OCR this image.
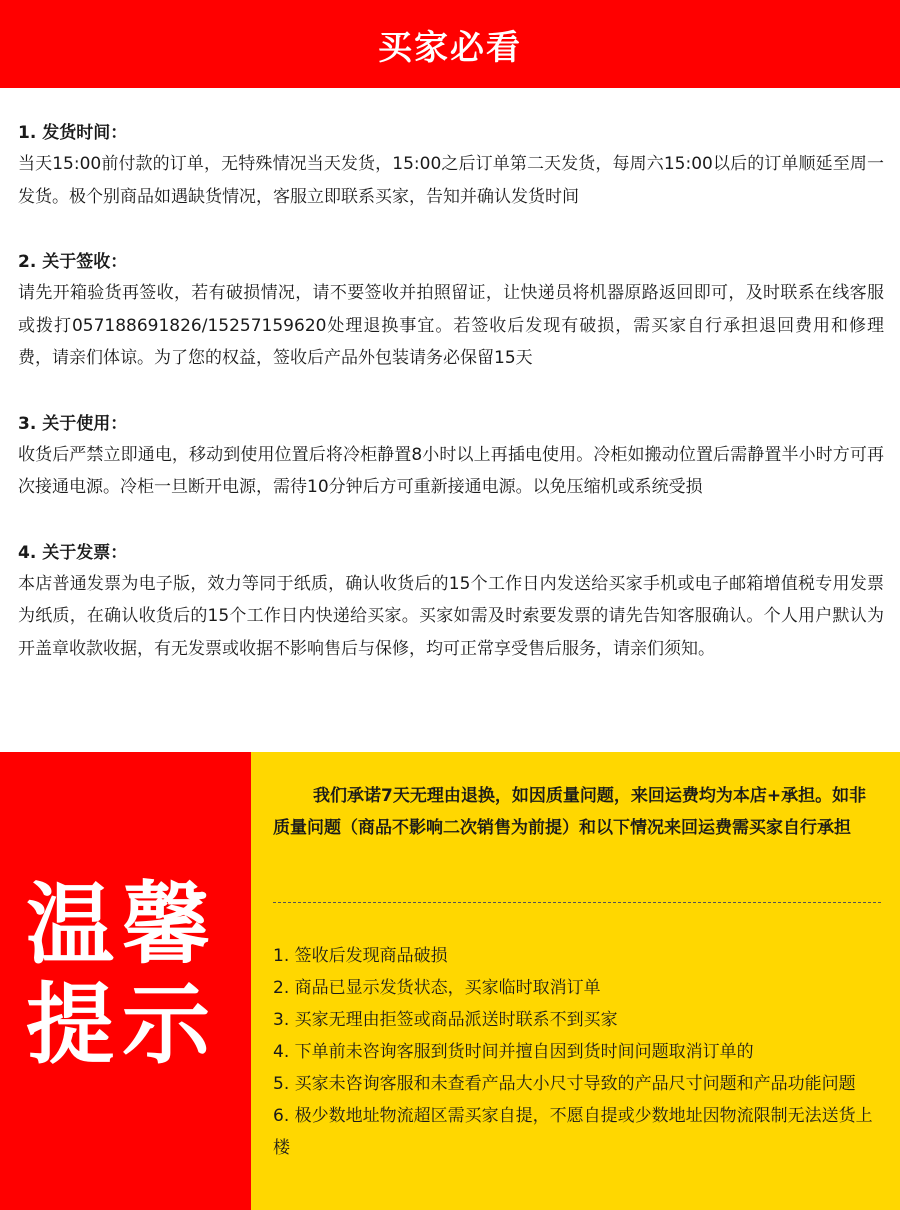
买家必看
1. 发货时间：
当天15:00前付款的订单，无特殊情况当天发货，15:00之后订单第二天发货，每周六15:00以后的订单顺延至周一发货。极个别商品如遇缺货情况，客服立即联系买家，告知并确认发货时间
2. 关于签收：
请先开箱验货再签收，若有破损情况，请不要签收并拍照留证，让快递员将机器原路返回即可，及时联系在线客服或拨打057188691826/15257159620处理退换事宜。若签收后发现有破损，需买家自行承担退回费用和修理费，请亲们体谅。为了您的权益，签收后产品外包装请务必保留15天
3. 关于使用：
收货后严禁立即通电，移动到使用位置后将冷柜静置8小时以上再插电使用。冷柜如搬动位置后需静置半小时方可再次接通电源。冷柜一旦断开电源，需待10分钟后方可重新接通电源。以免压缩机或系统受损
4. 关于发票：
本店普通发票为电子版，效力等同于纸质，确认收货后的15个工作日内发送给买家手机或电子邮箱增值税专用发票为纸质，在确认收货后的15个工作日内快递给买家。买家如需及时索要发票的请先告知客服确认。个人用户默认为开盖章收款收据，有无发票或收据不影响售后与保修，均可正常享受售后服务，请亲们须知。
温 馨
提 示
我们承诺7天无理由退换，如因质量问题，来回运费均为本店+承担。如非质量问题（商品不影响二次销售为前提）和以下情况来回运费需买家自行承担
1. 签收后发现商品破损
2. 商品已显示发货状态，买家临时取消订单
3. 买家无理由拒签或商品派送时联系不到买家
4. 下单前未咨询客服到货时间并擅自因到货时间问题取消订单的
5. 买家未咨询客服和未查看产品大小尺寸导致的产品尺寸问题和产品功能问题
6. 极少数地址物流超区需买家自提，不愿自提或少数地址因物流限制无法送货上楼
